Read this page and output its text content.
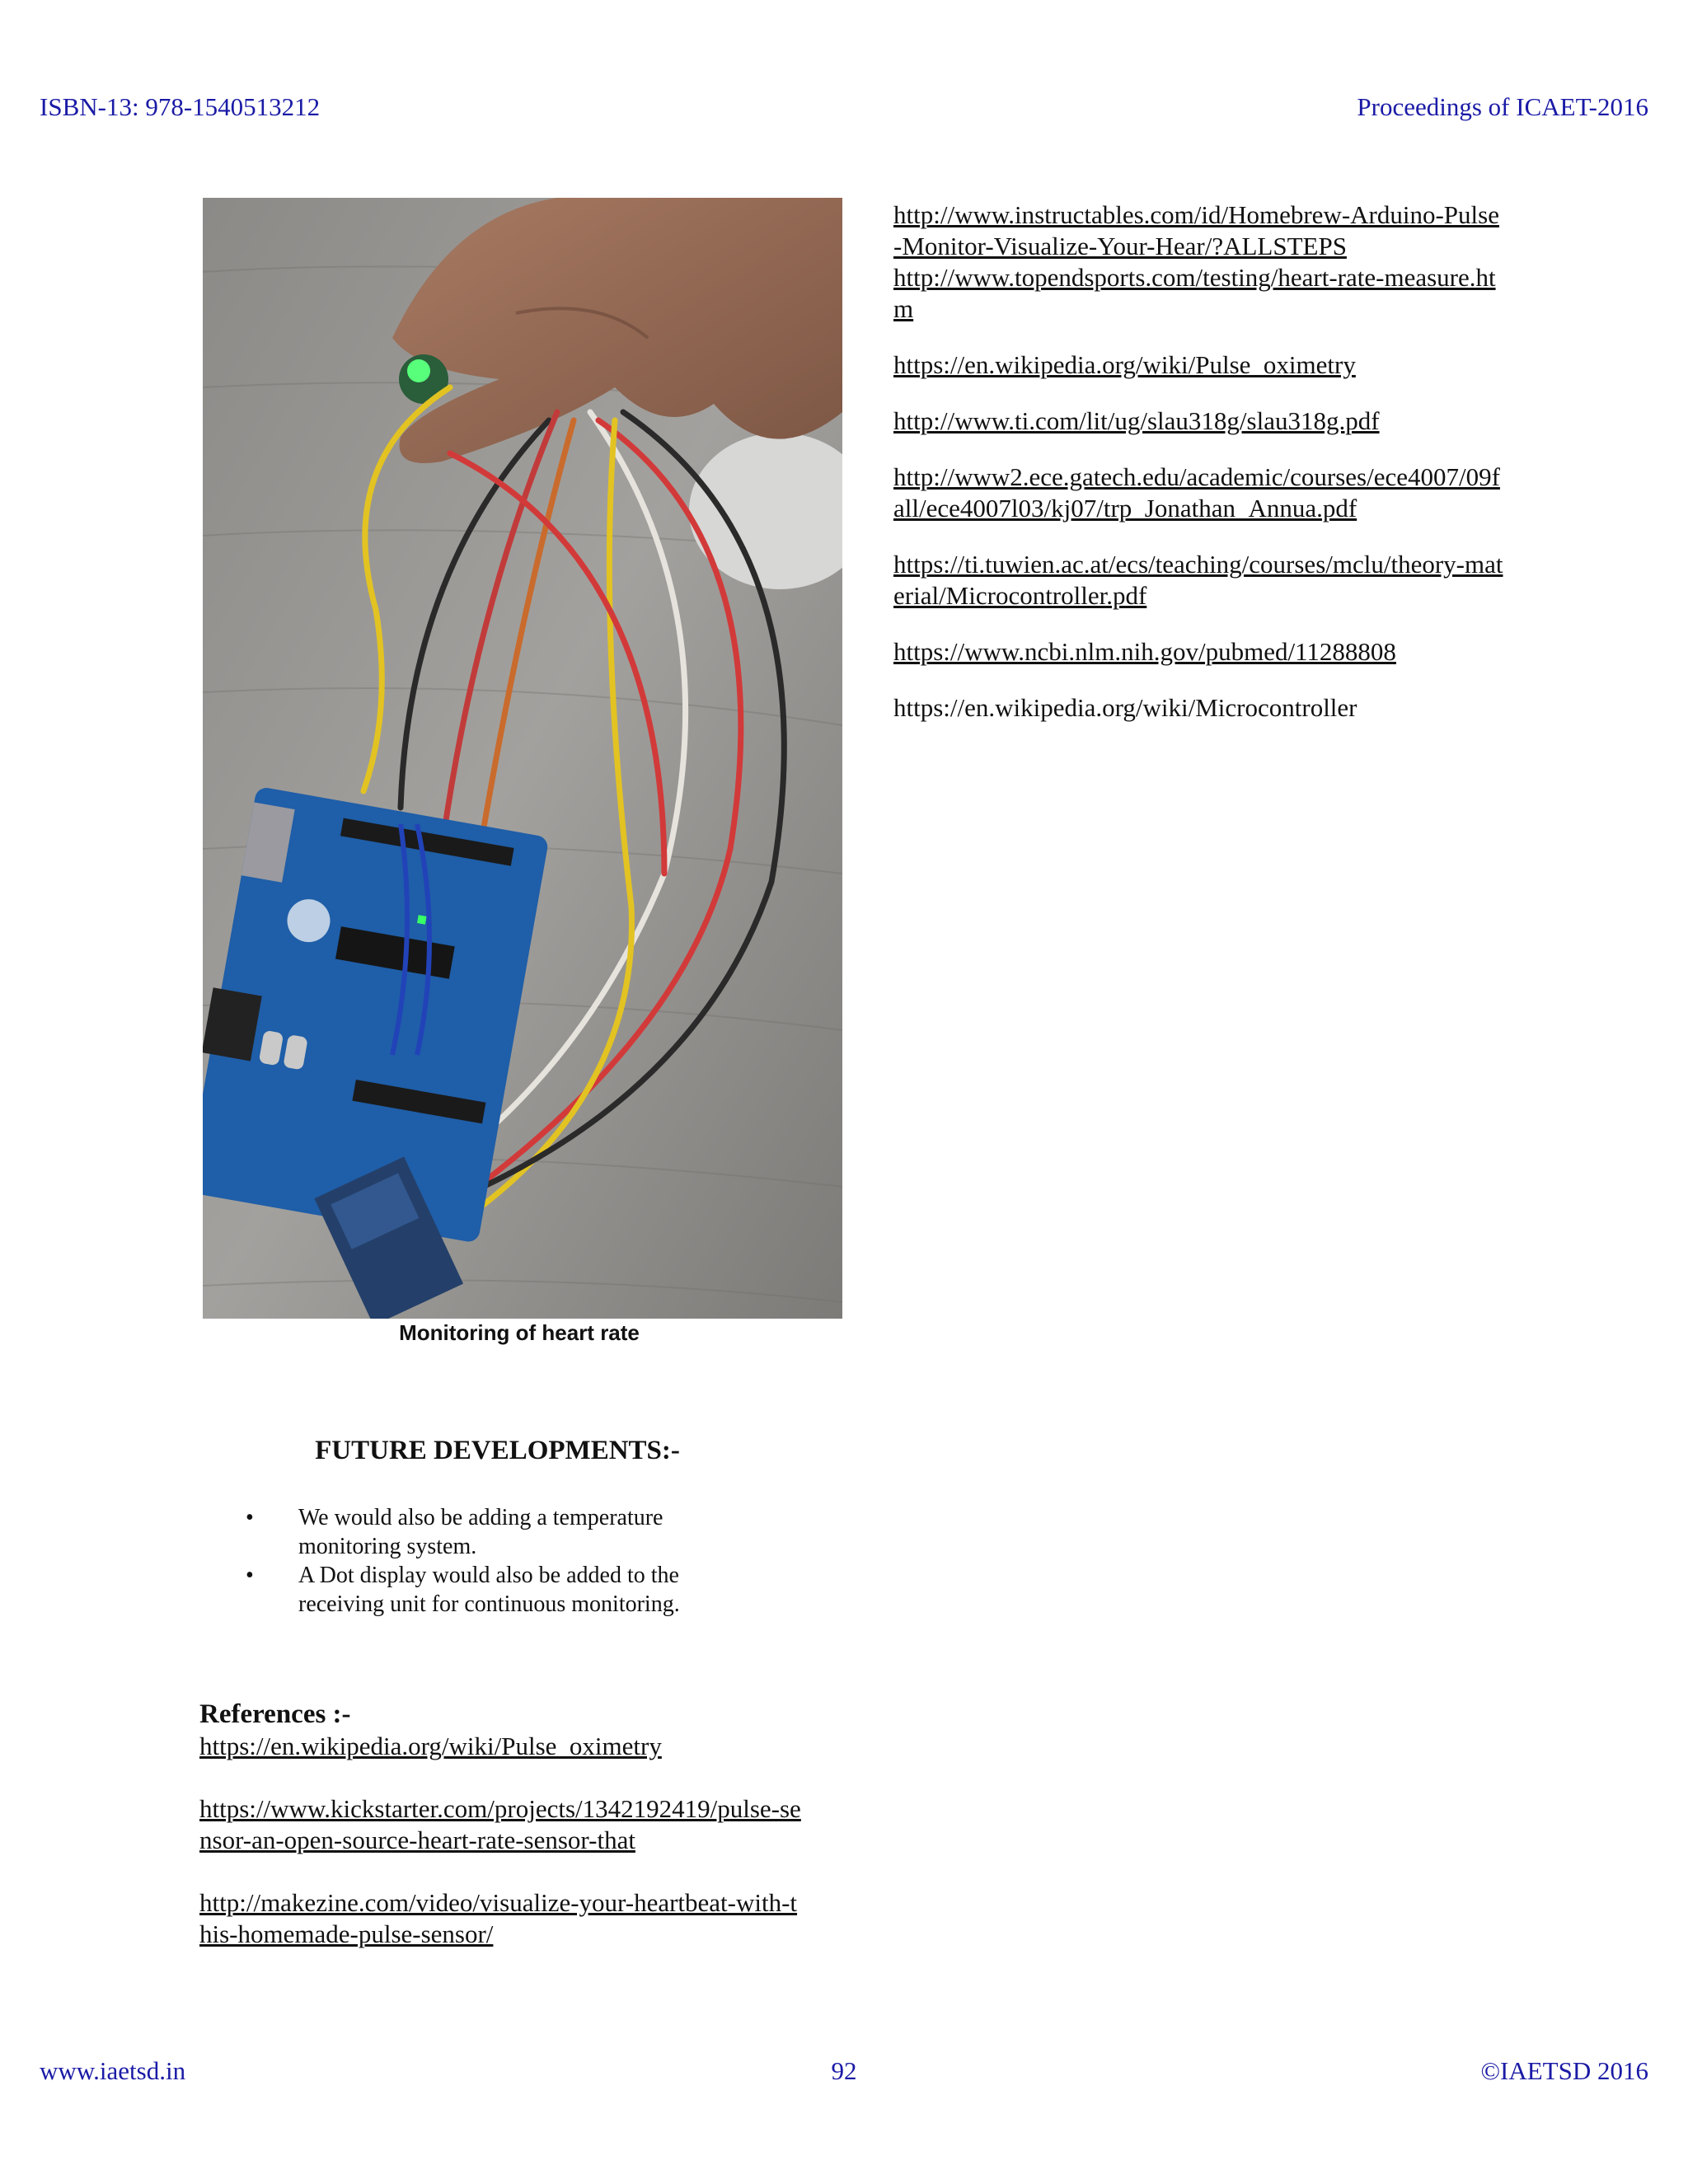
ISBN-13: 978-1540513212	Proceedings of ICAET-2016
Monitoring of heart rate
FUTURE DEVELOPMENTS:-
• We would also be adding a temperature monitoring system.
• A Dot display would also be added to the receiving unit for continuous monitoring.
References :-
https://en.wikipedia.org/wiki/Pulse_oximetry
https://www.kickstarter.com/projects/1342192419/pulse-sensor-an-open-source-heart-rate-sensor-that
http://makezine.com/video/visualize-your-heartbeat-with-this-homemade-pulse-sensor/
http://www.instructables.com/id/Homebrew-Arduino-Pulse-Monitor-Visualize-Your-Hear/?ALLSTEPS
http://www.topendsports.com/testing/heart-rate-measure.htm
https://en.wikipedia.org/wiki/Pulse_oximetry
http://www.ti.com/lit/ug/slau318g/slau318g.pdf
http://www2.ece.gatech.edu/academic/courses/ece4007/09fall/ece4007l03/kj07/trp_Jonathan_Annua.pdf
https://ti.tuwien.ac.at/ecs/teaching/courses/mclu/theory-material/Microcontroller.pdf
https://www.ncbi.nlm.nih.gov/pubmed/11288808
https://en.wikipedia.org/wiki/Microcontroller
www.iaetsd.in	92	©IAETSD 2016
